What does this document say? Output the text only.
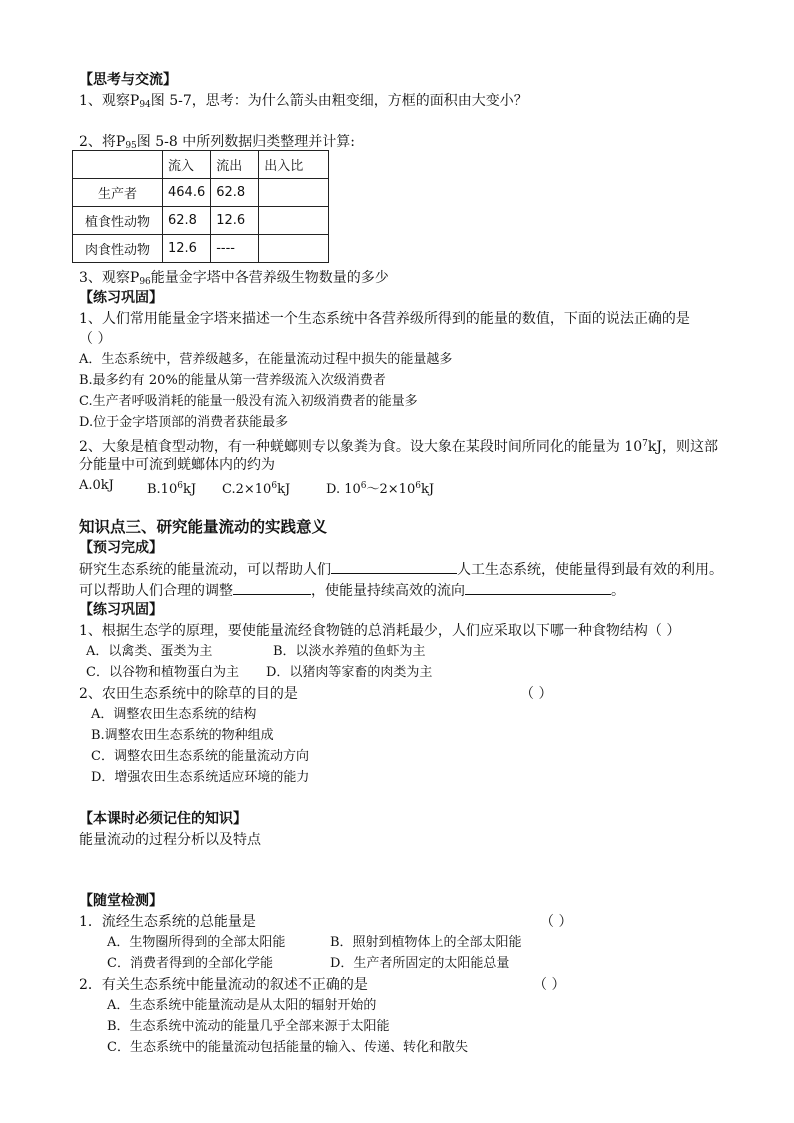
【思考与交流】
1、观察$P_{94}$图 5-7，思考：为什么箭头由粗变细，方框的面积由大变小？
2、将$P_{95}$图 5-8 中所列数据归类整理并计算:
	流入	流出	出入比
生产者	464.6	62.8	
植食性动物	62.8	12.6	
肉食性动物	12.6	----	
3、观察$P_{96}$能量金字塔中各营养级生物数量的多少
【练习巩固】
1、人们常用能量金字塔来描述一个生态系统中各营养级所得到的能量的数值，下面的说法正确的是
（ ）
A．生态系统中，营养级越多，在能量流动过程中损失的能量越多
B.最多约有 20%的能量从第一营养级流入次级消费者
C.生产者呼吸消耗的能量一般没有流入初级消费者的能量多
D.位于金字塔顶部的消费者获能最多
2、大象是植食型动物，有一种蜣螂则专以象粪为食。设大象在某段时间所同化的能量为 $10^7kJ$，则这部
分能量中可流到蜣螂体内的约为
A.0kJ	$B.10^6kJ$ $C.2\times 10^6kJ$	D. $10^6\sim 2\times 10^6kJ$
知识点三、研究能量流动的实践意义
【预习完成】
研究生态系统的能量流动，可以帮助人们	人工生态系统，使能量得到最有效的利用。
可以帮助人们合理的调整	，使能量持续高效的流向	。
【练习巩固】
1、根据生态学的原理，要使能量流经食物链的总消耗最少，人们应采取以下哪一种食物结构（ ）
A．以禽类、蛋类为主	B．以淡水养殖的鱼虾为主
C．以谷物和植物蛋白为主 D．以猪肉等家畜的肉类为主
2、农田生态系统中的除草的目的是	（ ）
A．调整农田生态系统的结构
B.调整农田生态系统的物种组成
C．调整农田生态系统的能量流动方向
D．增强农田生态系统适应环境的能力
【本课时必须记住的知识】
能量流动的过程分析以及特点
【随堂检测】
1．流经生态系统的总能量是	（ ）
A．生物圈所得到的全部太阳能	B．照射到植物体上的全部太阳能
C．消费者得到的全部化学能	D．生产者所固定的太阳能总量
2．有关生态系统中能量流动的叙述不正确的是	（ ）
A．生态系统中能量流动是从太阳的辐射开始的
B．生态系统中流动的能量几乎全部来源于太阳能
C．生态系统中的能量流动包括能量的输入、传递、转化和散失
